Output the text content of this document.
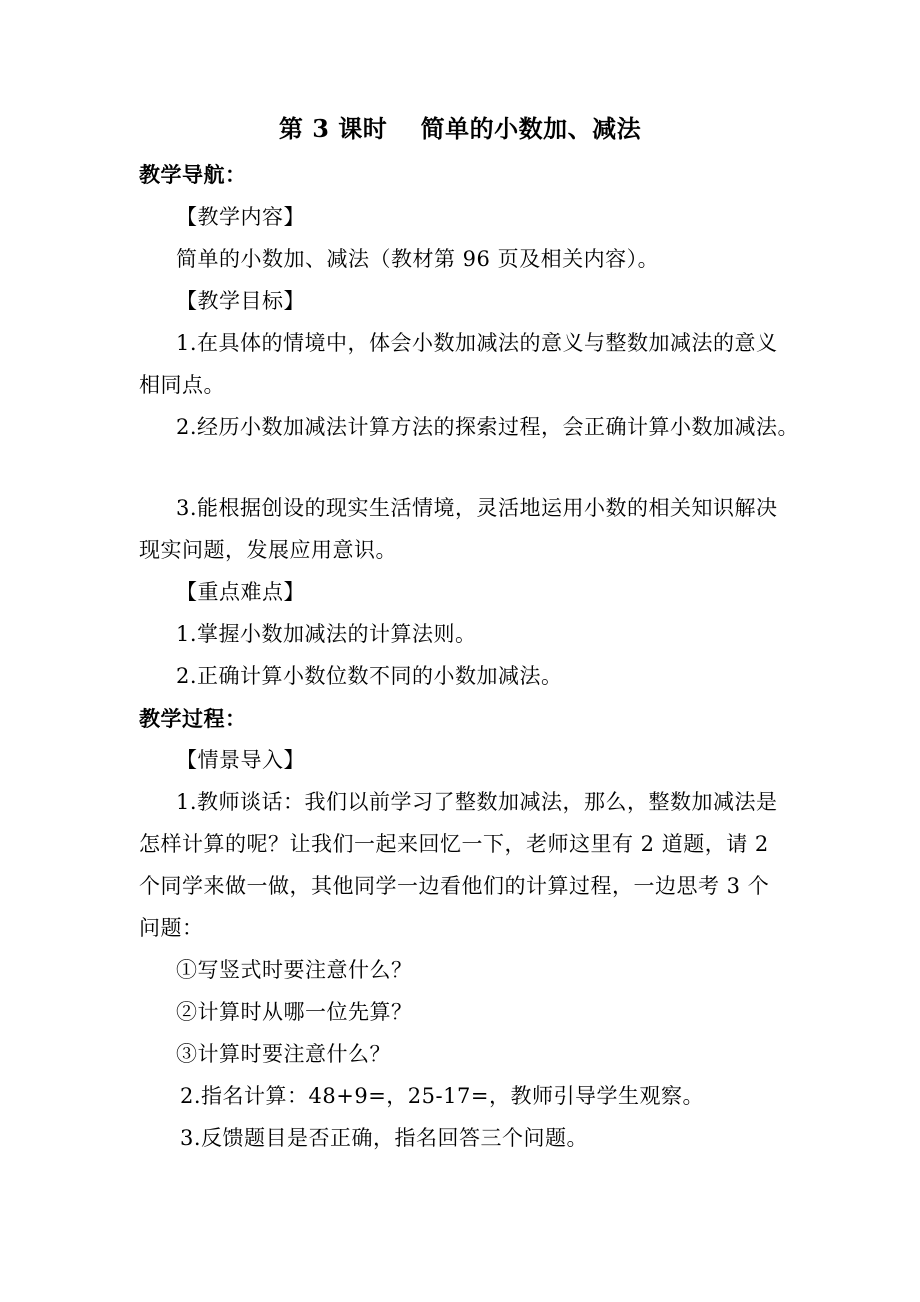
第 3 课时　 简单的小数加、减法
教学导航：
【教学内容】
简单的小数加、减法（教材第 96 页及相关内容）。
【教学目标】
1.在具体的情境中，体会小数加减法的意义与整数加减法的意义
相同点。
2.经历小数加减法计算方法的探索过程，会正确计算小数加减法。
3.能根据创设的现实生活情境，灵活地运用小数的相关知识解决
现实问题，发展应用意识。
【重点难点】
1.掌握小数加减法的计算法则。
2.正确计算小数位数不同的小数加减法。
教学过程：
【情景导入】
1.教师谈话：我们以前学习了整数加减法，那么，整数加减法是
怎样计算的呢？让我们一起来回忆一下，老师这里有 2 道题，请 2
个同学来做一做，其他同学一边看他们的计算过程，一边思考 3 个
问题：
①写竖式时要注意什么？
②计算时从哪一位先算？
③计算时要注意什么？
2.指名计算：48+9=，25-17=，教师引导学生观察。
3.反馈题目是否正确，指名回答三个问题。
